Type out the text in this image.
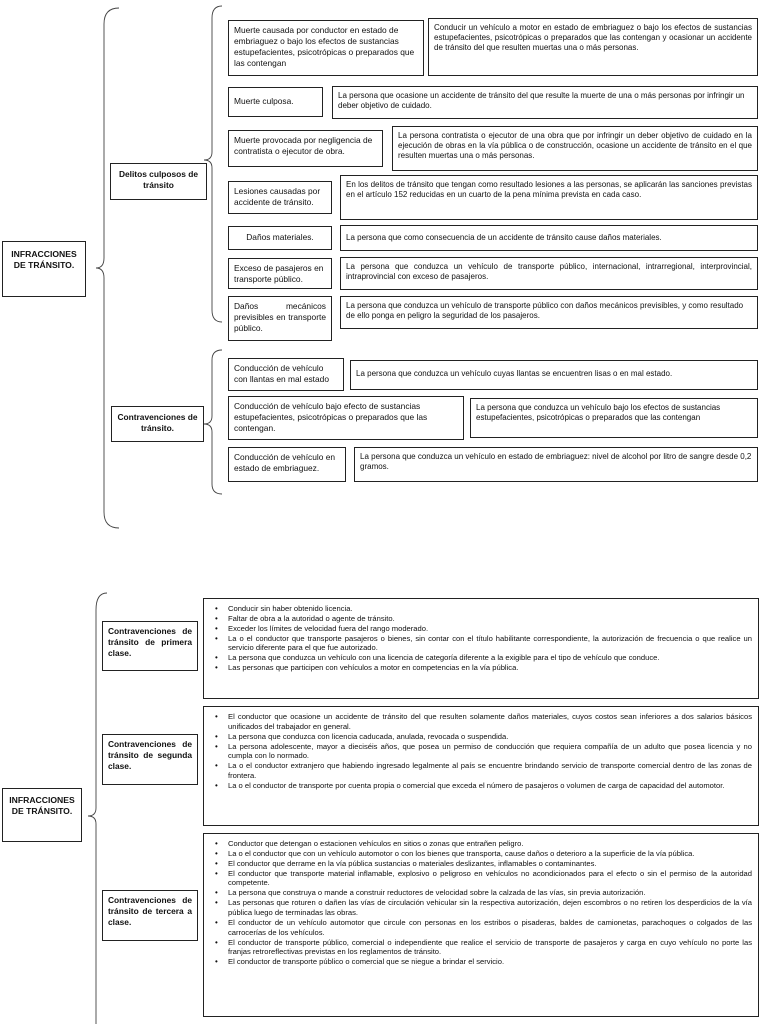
INFRACCIONES DE TRÁNSITO.
Delitos culposos de tránsito
Contravenciones de tránsito.
Muerte causada por conductor en estado de embriaguez o bajo los efectos de sustancias estupefacientes, psicotrópicas o preparados que las contengan
Conducir un vehículo a motor en estado de embriaguez o bajo los efectos de sustancias estupefacientes, psicotrópicas o preparados que las contengan y ocasionar un accidente de tránsito del que resulten muertas una o más personas.
Muerte culposa.
La persona que ocasione un accidente de tránsito del que resulte la muerte de una o más personas por infringir un deber objetivo de cuidado.
Muerte provocada por negligencia de contratista o ejecutor de obra.
La persona contratista o ejecutor de una obra que por infringir un deber objetivo de cuidado en la ejecución de obras en la vía pública o de construcción, ocasione un accidente de tránsito en el que resulten muertas una o más personas.
Lesiones causadas por accidente de tránsito.
En los delitos de tránsito que tengan como resultado lesiones a las personas, se aplicarán las sanciones previstas en el artículo 152 reducidas en un cuarto de la pena mínima prevista en cada caso.
Daños materiales.	La persona que como consecuencia de un accidente de tránsito cause daños materiales.
Exceso de pasajeros en transporte público.
La persona que conduzca un vehículo de transporte público, internacional, intrarregional, interprovincial, intraprovincial con exceso de pasajeros.
Daños mecánicos previsibles en transporte público.
La persona que conduzca un vehículo de transporte público con daños mecánicos previsibles, y como resultado de ello ponga en peligro la seguridad de los pasajeros.
Conducción de vehículo con llantas en mal estado
La persona que conduzca un vehículo cuyas llantas se encuentren lisas o en mal estado.
Conducción de vehículo bajo efecto de sustancias estupefacientes, psicotrópicas o preparados que las contengan.
La persona que conduzca un vehículo bajo los efectos de sustancias estupefacientes, psicotrópicas o preparados que las contengan
Conducción de vehículo en estado de embriaguez.
La persona que conduzca un vehículo en estado de embriaguez: nivel de alcohol por litro de sangre desde 0,2 gramos.
INFRACCIONES DE TRÁNSITO.
Contravenciones de tránsito de primera clase.
Contravenciones de tránsito de segunda clase.
Contravenciones de tránsito de tercera a clase.
• Conducir sin haber obtenido licencia.
• Faltar de obra a la autoridad o agente de tránsito.
• Exceder los límites de velocidad fuera del rango moderado.
• La o el conductor que transporte pasajeros o bienes, sin contar con el título habilitante correspondiente, la autorización de frecuencia o que realice un servicio diferente para el que fue autorizado.
• La persona que conduzca un vehículo con una licencia de categoría diferente a la exigible para el tipo de vehículo que conduce.
• Las personas que participen con vehículos a motor en competencias en la vía pública.
• El conductor que ocasione un accidente de tránsito del que resulten solamente daños materiales, cuyos costos sean inferiores a dos salarios básicos unificados del trabajador en general.
• La persona que conduzca con licencia caducada, anulada, revocada o suspendida.
• La persona adolescente, mayor a dieciséis años, que posea un permiso de conducción que requiera compañía de un adulto que posea licencia y no cumpla con lo normado.
• La o el conductor extranjero que habiendo ingresado legalmente al país se encuentre brindando servicio de transporte comercial dentro de las zonas de frontera.
• La o el conductor de transporte por cuenta propia o comercial que exceda el número de pasajeros o volumen de carga de capacidad del automotor.
• Conductor que detengan o estacionen vehículos en sitios o zonas que entrañen peligro.
• La o el conductor que con un vehículo automotor o con los bienes que transporta, cause daños o deterioro a la superficie de la vía pública.
• El conductor que derrame en la vía pública sustancias o materiales deslizantes, inflamables o contaminantes.
• El conductor que transporte material inflamable, explosivo o peligroso en vehículos no acondicionados para el efecto o sin el permiso de la autoridad competente.
• La persona que construya o mande a construir reductores de velocidad sobre la calzada de las vías, sin previa autorización.
• Las personas que roturen o dañen las vías de circulación vehicular sin la respectiva autorización, dejen escombros o no retiren los desperdicios de la vía pública luego de terminadas las obras.
• El conductor de un vehículo automotor que circule con personas en los estribos o pisaderas, baldes de camionetas, parachoques o colgados de las carrocerías de los vehículos.
• El conductor de transporte público, comercial o independiente que realice el servicio de transporte de pasajeros y carga en cuyo vehículo no porte las franjas retroreflectivas previstas en los reglamentos de tránsito.
• El conductor de transporte público o comercial que se niegue a brindar el servicio.
